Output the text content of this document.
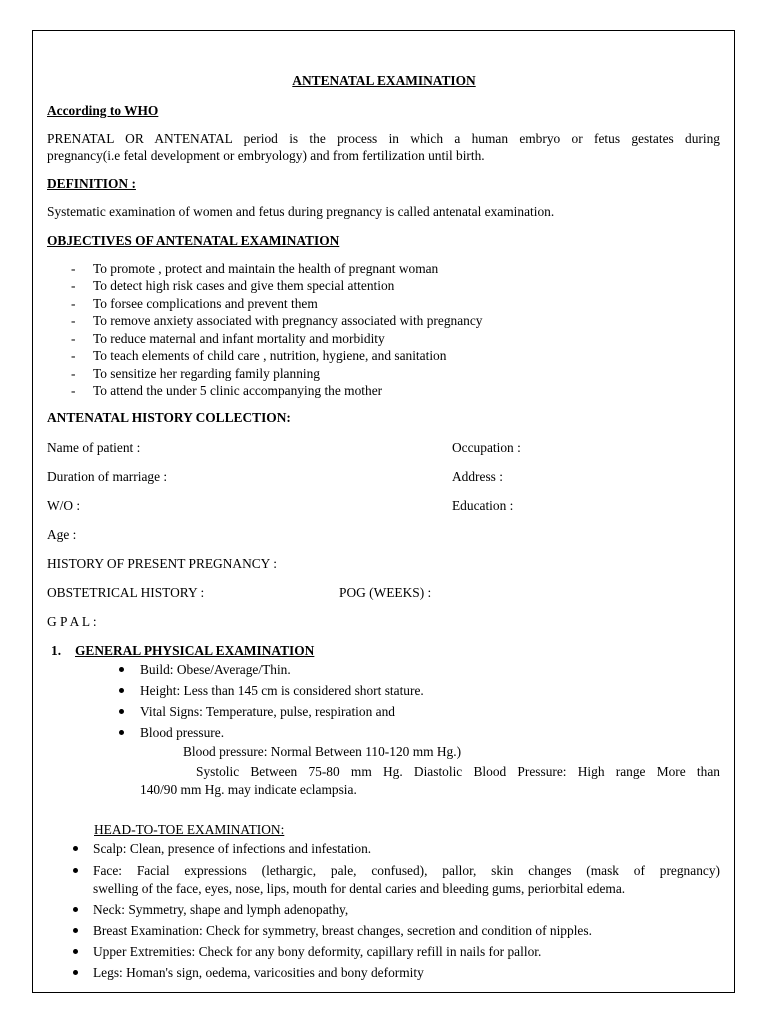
ANTENATAL EXAMINATION
According to WHO
PRENATAL OR ANTENATAL period is the process in which a human embryo or fetus gestates during
pregnancy(i.e fetal development or embryology) and from fertilization until birth.
DEFINITION :
Systematic examination of women and fetus during pregnancy is called antenatal examination.
OBJECTIVES OF ANTENATAL EXAMINATION
- To promote , protect and maintain the health of pregnant woman
- To detect high risk cases and give them special attention
- To forsee complications and prevent them
- To remove anxiety associated with pregnancy associated with pregnancy
- To reduce maternal and infant mortality and morbidity
- To teach elements of child care , nutrition, hygiene, and sanitation
- To sensitize her regarding family planning
- To attend the under 5 clinic accompanying the mother
ANTENATAL HISTORY COLLECTION:
Name of patient :	Occupation :
Duration of marriage :	Address :
W/O :	Education :
Age :
HISTORY OF PRESENT PREGNANCY :
OBSTETRICAL HISTORY :	POG (WEEKS) :
G P A L :
1. GENERAL PHYSICAL EXAMINATION
Build: Obese/Average/Thin.
Height: Less than 145 cm is considered short stature.
Vital Signs: Temperature, pulse, respiration and
Blood pressure.
Blood pressure: Normal Between 110-120 mm Hg.)
Systolic Between 75-80 mm Hg. Diastolic Blood Pressure: High range More than
140/90 mm Hg. may indicate eclampsia.
HEAD-TO-TOE EXAMINATION:
Scalp: Clean, presence of infections and infestation.
Face: Facial expressions (lethargic, pale, confused), pallor, skin changes (mask of pregnancy)
swelling of the face, eyes, nose, lips, mouth for dental caries and bleeding gums, periorbital edema.
Neck: Symmetry, shape and lymph adenopathy,
Breast Examination: Check for symmetry, breast changes, secretion and condition of nipples.
Upper Extremities: Check for any bony deformity, capillary refill in nails for pallor.
Legs: Homan's sign, oedema, varicosities and bony deformity
